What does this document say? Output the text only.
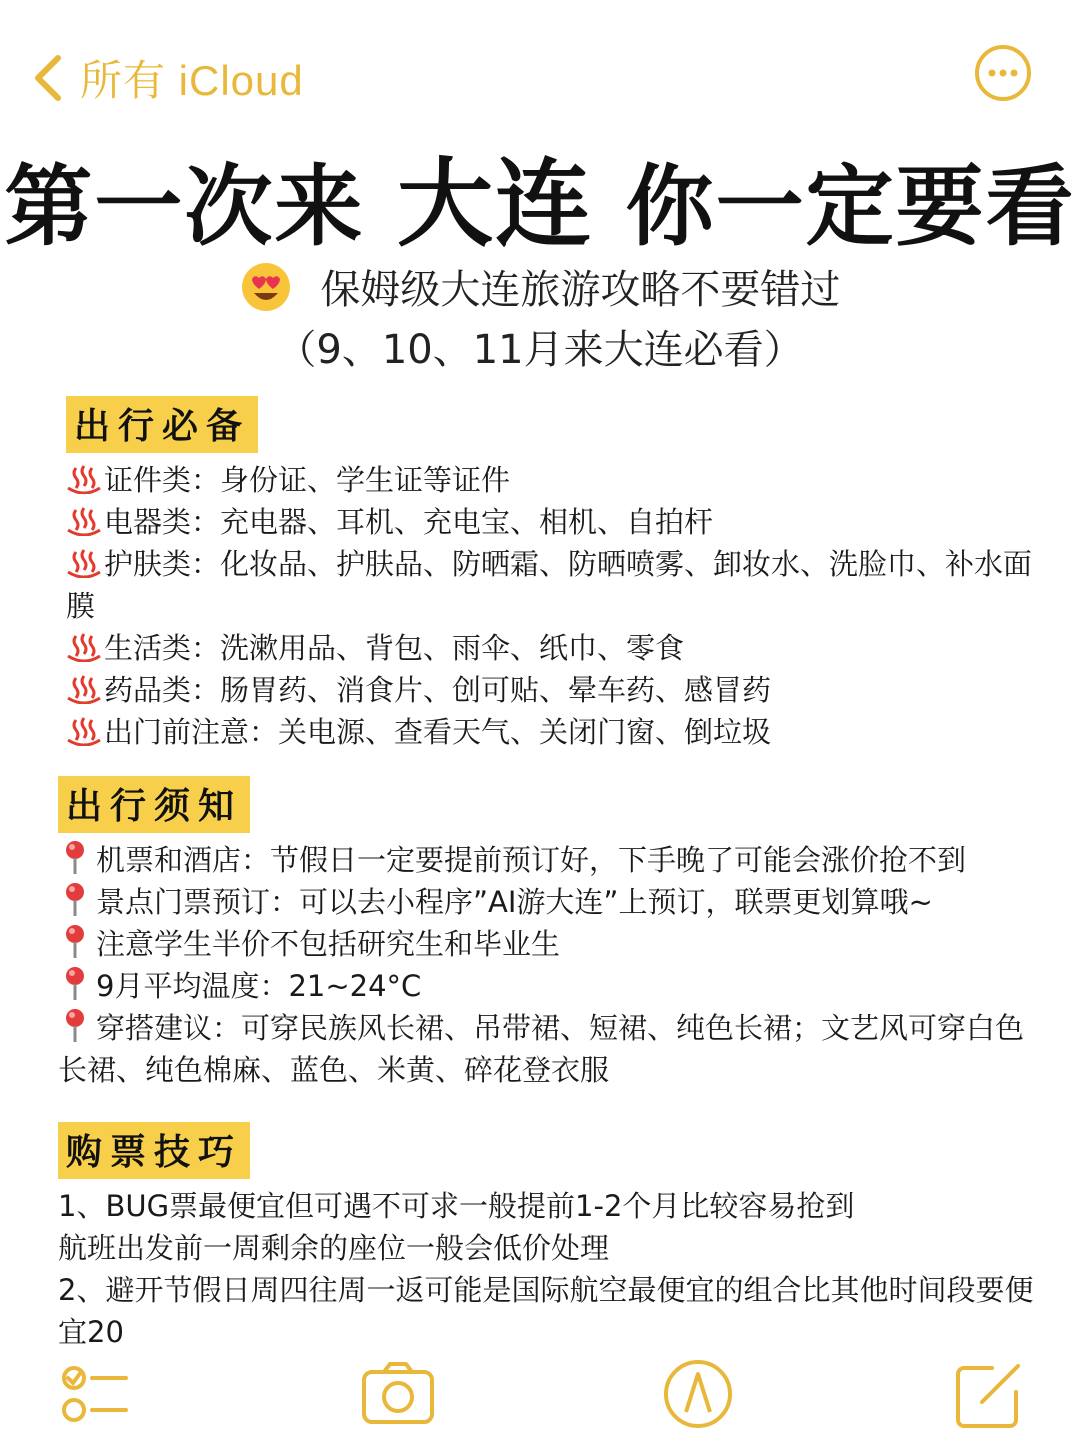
所有 iCloud
第一次来 大连 你一定要看
保姆级大连旅游攻略不要错过
（9、10、11月来大连必看）
出行必备
证件类：身份证、学生证等证件
电器类：充电器、耳机、充电宝、相机、自拍杆
护肤类：化妆品、护肤品、防晒霜、防晒喷雾、卸妆水、洗脸巾、补水面膜
生活类：洗漱用品、背包、雨伞、纸巾、零食
药品类：肠胃药、消食片、创可贴、晕车药、感冒药
出门前注意：关电源、查看天气、关闭门窗、倒垃圾
出行须知
机票和酒店：节假日一定要提前预订好，下手晚了可能会涨价抢不到
景点门票预订：可以去小程序”AI游大连”上预订，联票更划算哦~
注意学生半价不包括研究生和毕业生
9月平均温度：21~24°C
穿搭建议：可穿民族风长裙、吊带裙、短裙、纯色长裙；文艺风可穿白色长裙、纯色棉麻、蓝色、米黄、碎花登衣服
购票技巧
1、BUG票最便宜但可遇不可求一般提前1-2个月比较容易抢到
航班出发前一周剩余的座位一般会低价处理
2、避开节假日周四往周一返可能是国际航空最便宜的组合比其他时间段要便宜20
